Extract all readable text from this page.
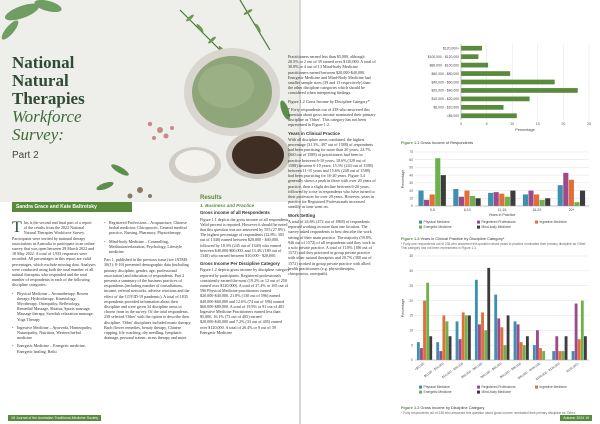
National
Natural
Therapies
Workforce
Survey:
Part 2
Sandra Grace and Kate Baltrotsky

This is the second and final part of a report of the results from the 2022 National Natural Therapies Workforce Survey. Participants were invited by national therapy associations in Australia to participate in an online survey that was open between 29 March 2022 and 18 May 2022. A total of 1,933 responses were recorded. All percentages in this report are valid percentages, which exclude missing data. Analyses were conducted using both the total number of all natural therapists who responded and the total number of respondents in each of the following discipline categories:

• Physical Medicine – Aromatherapy, Bowen therapy, Hydrotherapy, Kinesiology, Myotherapy, Osteopathy, Reflexology, Remedial Massage, Shiatsu, Sports massage, Massage therapy, Swedish relaxation massage, Yoga Therapy
• Ingestive Medicine – Ayurveda, Homeopathy, Naturopathy, Nutrition, Western herbal medicine
• Energetic Medicine – Energetic medicine, Energetic healing, Reiki
• Registered Professions – Acupuncture, Chinese herbal medicine, Chiropractic, General medical practice, Nursing, Pharmacy, Physiotherapy
• Mind-body Medicine – Counselling, Meditation/relaxation, Psychology, Lifestyle medicine

Part 1, published in the previous issue (see JATMS 30(1): 8-16) presented demographic data (including primary discipline, gender, age, professional association) and education of respondents. Part 2 presents a summary of the business practices of respondents (including number of consultations, income, referral networks, adverse reactions and the effect of the COVID-19 pandemic). A total of 1835 respondents provided information about their discipline and were given 34 discipline areas to choose from in the survey. Of the total respondents, 238 selected 'Other' with the option to describe their discipline. 'Other' disciplines included music therapy, Bach flower remedies, beauty therapy, Chinese cupping, life coaching, dry needling, lymphatic drainage, personal trainer, stress therapy and more.

Results
1. Business and Practice
Gross income of all Respondents

Figure 1.1 depicts the gross income of all respondents. Valid percent is reported. However it should be noted that this question was not answered by 555 (27.8%). The highest percentage of respondents (22.8%, 305 out of 1340) earned between $20,000 - $40,000, followed by 18.3% (245 out of 1340) who earned between $40,000-$60,000, and 13.4% (180 out of 1340) who earned between $10,000 - $20,000.

Gross Income Per Discipline Category

Figure 1.2 depicts gross income by discipline category reported by participants. Registered professionals consistently earned the most (19.2% or 12 out of 250 earned over $120,000). A total of 27.4% or 165 out of 596 Physical Medicine practitioners earned $20,000-$40,000, 21.8% (130 out of 596) earned $40,000-$60,000 and 12.6% (74 out of 596) earned $60,000-$80,000. A total of 19.9% or 81 out of 405 Ingestive Medicine Practitioners earned less than $5,000, 16.1% (73 out of 405) earned $20,000-$40,000 and 7.2% (33 out of 405) earned over $120,000. A total of 26.4% or 9 out of 39 Energetic Medicine

18 Journal of the Australian Traditional-Medicine Society

Practitioners earned less than $5,000, although 20.5% or 2 out of 39 earned over $120,000. A total of 30.8% or 4 out of 13 Mind-body Medicine practitioners earned between $20,000-$40,000. Energetic Medicine and Mind-Body Medicine had smaller sample sizes (39 and 13 respectively) than the other discipline categories which should be considered when interpreting findings.

Figure 1.2 Gross Income by Discipline Category*

* Forty respondents out of 238 who answered this question about gross income nominated their primary discipline as 'Other'. This category has not been represented in Figure 1.2.

Years in Clinical Practice

With all discipline areas combined, the highest percentage (31.3%, 497 out of 1588) of respondents had been practising for more than 20 years; 22.7% (360 out of 1588) of practitioners had been in practice between 6-10 years; 18.6% (329 out of 1588) between 6-10 years; 15.3% (243 out of 1588) between 11-15 years and 15.6% (248 out of 1588) had been practicing for 16-20 years. Figure 3.4 generally shows a peak in those with over 20 years of practice, then a slight decline between 6-20 years, followed by a rise in respondents who have turned to their profession for over 20 years. However, years in practice for Registered Professionals increased steadily as time went on.

Work Setting

A total of 24.6% (472 out of 1868) of respondents reported working in more than one location. The survey asked respondents to best describe the work setting of their main practice. The majority (59.8%, 946 out of 1572) of all respondents said they work in a solo private practice. A total of 11.8% (186 out of 1572) said they practised in group private practice with other natural therapists and 20.7% (380 out of 1572) worked in group private practice with allied health practitioners (e.g. physiotherapist, chiropractor, osteopath).

0	5	10	15	20	25
$120,000+
$100,000 - $120,000
$80,000 - $100,000
$60,000 - $80,000
$40,000 - $60,000
$20,000 - $40,000
$10,000 - $20,000
$5,000 - $10,000
<$5,000
Percentage
Figure 1.1 Gross Income of Respondents
0
10
20
30
40
50
60
70
0-5	6-10	11-15	16-20	20+
Percentage
Years in Practice
Physical Medicine	Registered Professions	Ingestive Medicine
Energetic Medicine	Mind-body Medicine
Figure 1.3 Years in Clinical Practice by Discipline Category*
* Forty-one respondents out of 238 who answered this question about years in practice nominated their primary discipline as 'Other'. This category has not been represented in Figure 1.3.
0
5
10
15
20
25
30
35
<$5,000
$5,000 - $10,000
$10,000 - $20,000
$20,000 - $40,000
$40,000 - $60,000
$60,000 - $80,000
$80,000 - $100,000
$100,000 - $120,000 $120,000+
Percentage
Physical Medicine	Registered Professions	Ingestive Medicine
Energetic Medicine	Mind-body Medicine
Figure 1.2 Gross Income by Discipline Category
* Forty respondents out of 238 who answered this question about gross income nominated their primary discipline as 'Other'.
Autumn 2024 19
